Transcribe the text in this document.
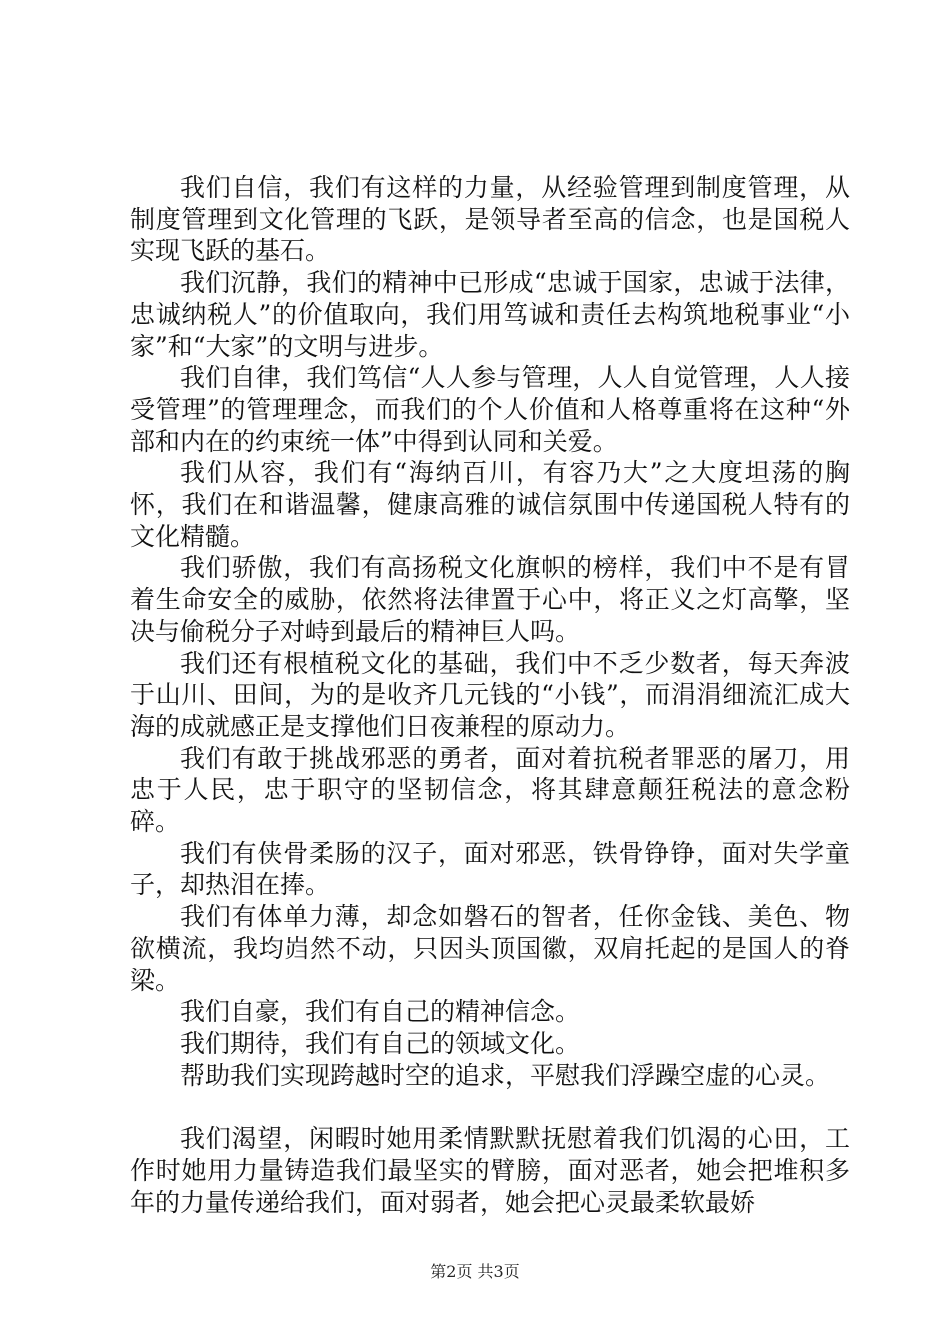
我们自信，我们有这样的力量，从经验管理到制度管理，从制度管理到文化管理的飞跃，是领导者至高的信念，也是国税人实现飞跃的基石。

我们沉静，我们的精神中已形成“忠诚于国家，忠诚于法律，忠诚纳税人”的价值取向，我们用笃诚和责任去构筑地税事业“小家”和“大家”的文明与进步。

我们自律，我们笃信“人人参与管理，人人自觉管理，人人接受管理”的管理理念，而我们的个人价值和人格尊重将在这种“外部和内在的约束统一体”中得到认同和关爱。

我们从容，我们有“海纳百川，有容乃大”之大度坦荡的胸怀，我们在和谐温馨，健康高雅的诚信氛围中传递国税人特有的文化精髓。

我们骄傲，我们有高扬税文化旗帜的榜样，我们中不是有冒着生命安全的威胁，依然将法律置于心中，将正义之灯高擎，坚决与偷税分子对峙到最后的精神巨人吗。

我们还有根植税文化的基础，我们中不乏少数者，每天奔波于山川、田间，为的是收齐几元钱的“小钱”，而涓涓细流汇成大海的成就感正是支撑他们日夜兼程的原动力。

我们有敢于挑战邪恶的勇者，面对着抗税者罪恶的屠刀，用忠于人民，忠于职守的坚韧信念，将其肆意颠狂税法的意念粉碎。

我们有侠骨柔肠的汉子，面对邪恶，铁骨铮铮，面对失学童子，却热泪在捧。

我们有体单力薄，却念如磐石的智者，任你金钱、美色、物欲横流，我均岿然不动，只因头顶国徽，双肩托起的是国人的脊梁。

我们自豪，我们有自己的精神信念。

我们期待，我们有自己的领域文化。

帮助我们实现跨越时空的追求，平慰我们浮躁空虚的心灵。

我们渴望，闲暇时她用柔情默默抚慰着我们饥渴的心田，工作时她用力量铸造我们最坚实的臂膀，面对恶者，她会把堆积多年的力量传递给我们，面对弱者，她会把心灵最柔软最娇

第2页 共3页
